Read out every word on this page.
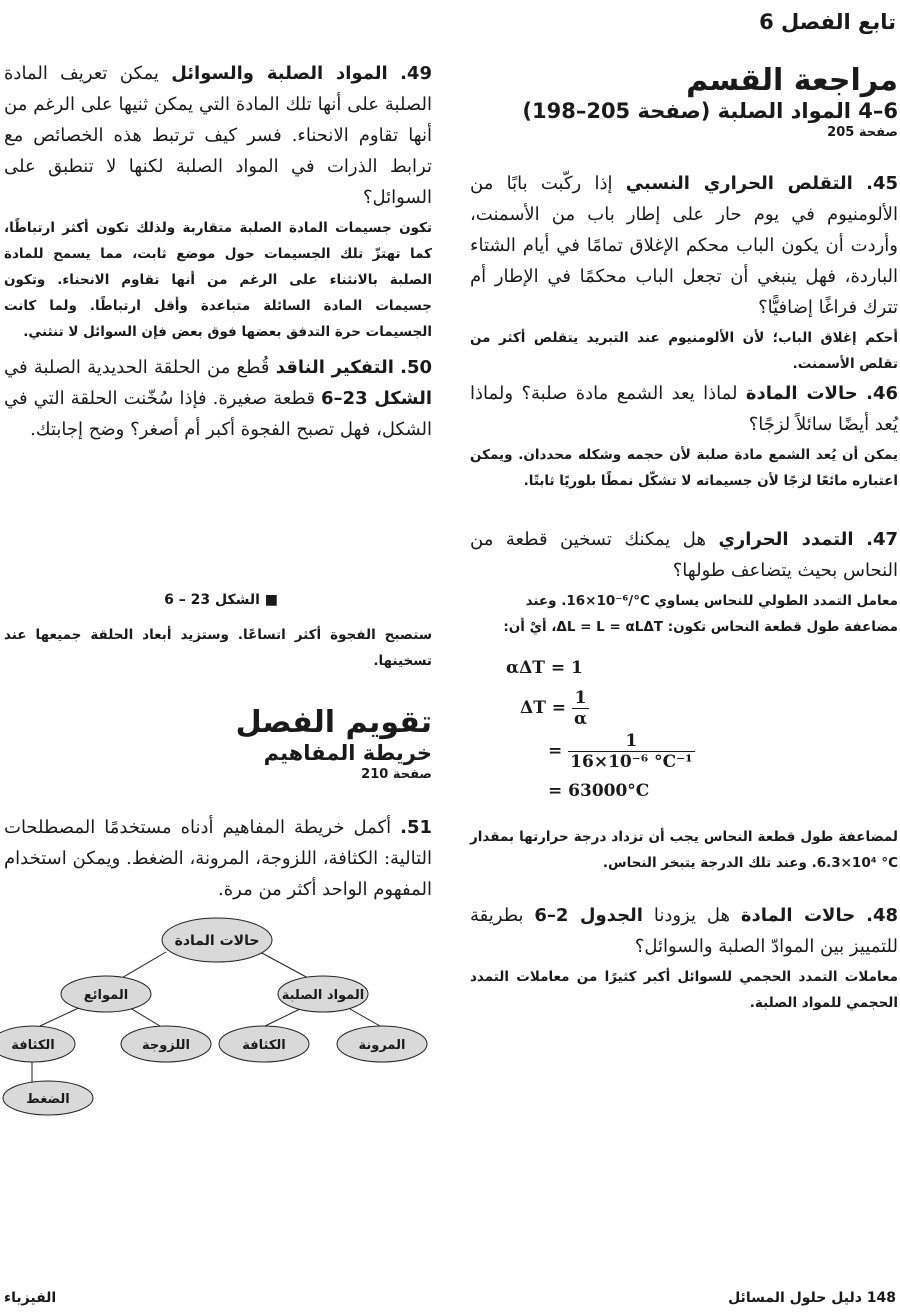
تابع الفصل 6
مراجعة القسم
6–4 المواد الصلبة (صفحة 205–198)

صفحة 205

45. التقلص الحراري النسبي إذا ركّبت بابًا من الألومنيوم في يوم حار على إطار باب من الأسمنت، وأردت أن يكون الباب محكم الإغلاق تمامًا في أيام الشتاء الباردة، فهل ينبغي أن تجعل الباب محكمًا في الإطار أم تترك فراغًا إضافيًّا؟

أحكم إغلاق الباب؛ لأن الألومنيوم عند التبريد يتقلص أكثر من تقلص الأسمنت.

46. حالات المادة لماذا يعد الشمع مادة صلبة؟ ولماذا يُعد أيضًا سائلاً لزجًا؟

يمكن أن يُعد الشمع مادة صلبة لأن حجمه وشكله محددان. ويمكن اعتباره مائعًا لزجًا لأن جسيماته لا تشكّل نمطًا بلوريًا ثابتًا.

47. التمدد الحراري هل يمكنك تسخين قطعة من النحاس بحيث يتضاعف طولها؟

معامل التمدد الطولي للنحاس يساوي 16×10⁻⁶/°C. وعند
مضاعفة طول قطعة النحاس تكون: ΔL = L = αLΔT، أيْ أن:

αΔT = 1
$\Delta T = \frac{1}{\alpha}$
= $\frac{1}{\text{16×10⁻⁶ °C⁻¹}}$
= 63000°C

لمضاعفة طول قطعة النحاس يجب أن تزداد درجة حرارتها بمقدار 6.3×10⁴ °C. وعند تلك الدرجة يتبخر النحاس.

48. حالات المادة هل يزودنا الجدول 2–6 بطريقة للتمييز بين الموادّ الصلبة والسوائل؟

معاملات التمدد الحجمي للسوائل أكبر كثيرًا من معاملات التمدد الحجمي للمواد الصلبة.

49. المواد الصلبة والسوائل يمكن تعريف المادة الصلبة على أنها تلك المادة التي يمكن ثنيها على الرغم من أنها تقاوم الانحناء. فسر كيف ترتبط هذه الخصائص مع ترابط الذرات في المواد الصلبة لكنها لا تنطبق على السوائل؟

تكون جسيمات المادة الصلبة متقاربة ولذلك تكون أكثر ارتباطًا، كما تهتزّ تلك الجسيمات حول موضع ثابت، مما يسمح للمادة الصلبة بالانثناء على الرغم من أنها تقاوم الانحناء. وتكون جسيمات المادة السائلة متباعدة وأقل ارتباطًا. ولما كانت الجسيمات حرة التدفق بعضها فوق بعض فإن السوائل لا تنثني.

50. التفكير الناقد قُطع من الحلقة الحديدية الصلبة في الشكل 23–6 قطعة صغيرة. فإذا سُخّنت الحلقة التي في الشكل، فهل تصبح الفجوة أكبر أم أصغر؟ وضح إجابتك.

■ الشكل 23 – 6

ستصبح الفجوة أكثر اتساعًا. وستزيد أبعاد الحلقة جميعها عند تسخينها.

تقويم الفصل
خريطة المفاهيم

صفحة 210

51. أكمل خريطة المفاهيم أدناه مستخدمًا المصطلحات التالية: الكثافة، اللزوجة، المرونة، الضغط. ويمكن استخدام المفهوم الواحد أكثر من مرة.

حالات المادة
الموائع	المواد الصلبة
الكثافة	اللزوجة	الكثافة	المرونة
الضغط
148 دليل حلول المسائل
الفيزياء
